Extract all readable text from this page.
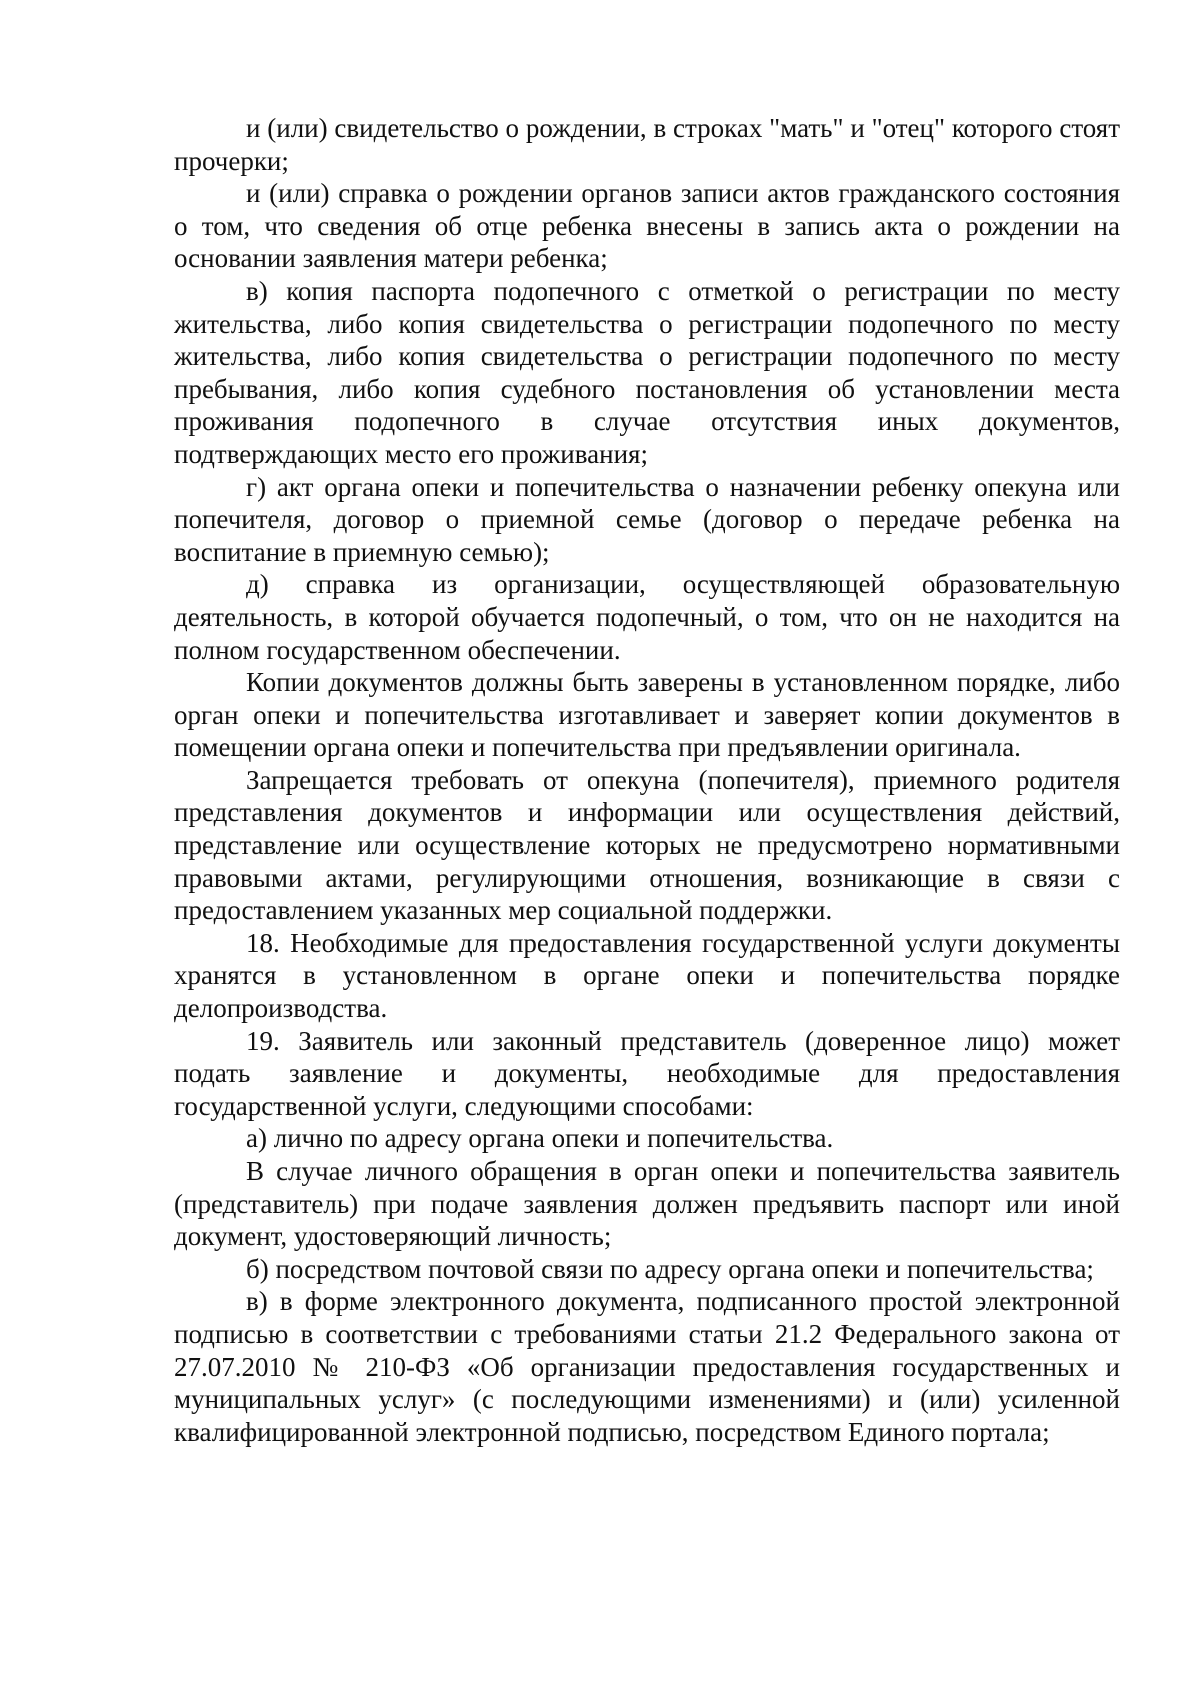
и (или) свидетельство о рождении, в строках "мать" и "отец" которого стоят прочерки;

и (или) справка о рождении органов записи актов гражданского состояния о том, что сведения об отце ребенка внесены в запись акта о рождении на основании заявления матери ребенка;

в) копия паспорта подопечного с отметкой о регистрации по месту жительства, либо копия свидетельства о регистрации подопечного по месту жительства, либо копия свидетельства о регистрации подопечного по месту пребывания, либо копия судебного постановления об установлении места проживания подопечного в случае отсутствия иных документов, подтверждающих место его проживания;

г) акт органа опеки и попечительства о назначении ребенку опекуна или попечителя, договор о приемной семье (договор о передаче ребенка на воспитание в приемную семью);

д) справка из организации, осуществляющей образовательную деятельность, в которой обучается подопечный, о том, что он не находится на полном государственном обеспечении.

Копии документов должны быть заверены в установленном порядке, либо орган опеки и попечительства изготавливает и заверяет копии документов в помещении органа опеки и попечительства при предъявлении оригинала.

Запрещается требовать от опекуна (попечителя), приемного родителя представления документов и информации или осуществления действий, представление или осуществление которых не предусмотрено нормативными правовыми актами, регулирующими отношения, возникающие в связи с предоставлением указанных мер социальной поддержки.

18. Необходимые для предоставления государственной услуги документы хранятся в установленном в органе опеки и попечительства порядке делопроизводства.

19. Заявитель или законный представитель (доверенное лицо) может подать заявление и документы, необходимые для предоставления государственной услуги, следующими способами:

а) лично по адресу органа опеки и попечительства.

В случае личного обращения в орган опеки и попечительства заявитель (представитель) при подаче заявления должен предъявить паспорт или иной документ, удостоверяющий личность;

б) посредством почтовой связи по адресу органа опеки и попечительства;

в) в форме электронного документа, подписанного простой электронной подписью в соответствии с требованиями статьи 21.2 Федерального закона от 27.07.2010 № 210-ФЗ «Об организации предоставления государственных и муниципальных услуг» (с последующими изменениями) и (или) усиленной квалифицированной электронной подписью, посредством Единого портала;
